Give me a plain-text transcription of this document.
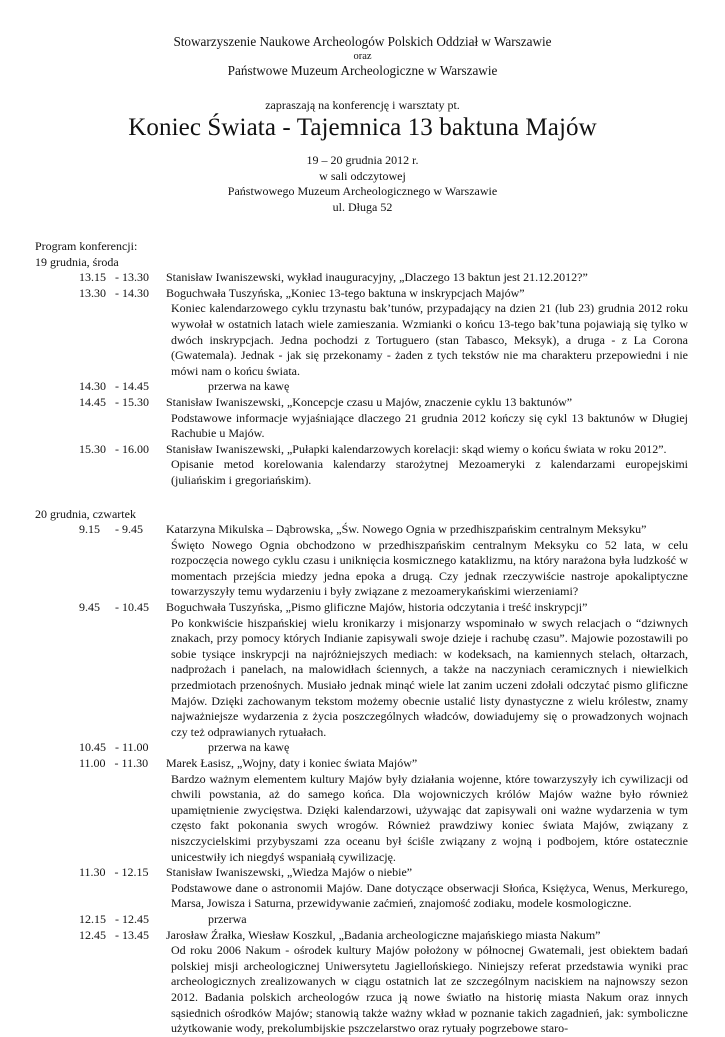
Stowarzyszenie Naukowe Archeologów Polskich Oddział w Warszawie
oraz
Państwowe Muzeum Archeologiczne w Warszawie
zapraszają na konferencję i warsztaty pt.
Koniec Świata - Tajemnica 13 baktuna Majów
19 – 20 grudnia 2012 r.
w sali odczytowej
Państwowego Muzeum Archeologicznego w Warszawie
ul. Długa 52
Program konferencji:
19 grudnia, środa
13.15   - 13.30	Stanisław Iwaniszewski, wykład inauguracyjny, „Dlaczego 13 baktun jest 21.12.2012?”
13.30   - 14.30	Boguchwała Tuszyńska, „Koniec 13-tego baktuna w inskrypcjach Majów”
Koniec kalendarzowego cyklu trzynastu bak’tunów, przypadający na dzien 21 (lub 23) grudnia 2012 roku wywołał w ostatnich latach wiele zamieszania. Wzmianki o końcu 13-tego bak’tuna pojawiają się tylko w dwóch inskrypcjach. Jedna pochodzi z Tortuguero (stan Tabasco, Meksyk), a druga - z La Corona (Gwatemala). Jednak - jak się przekonamy - żaden z tych tekstów nie ma charakteru przepowiedni i nie mówi nam o końcu świata.
14.30   - 14.45	przerwa na kawę
14.45   - 15.30	Stanisław Iwaniszewski, „Koncepcje czasu u Majów, znaczenie cyklu 13 baktunów”
Podstawowe informacje wyjaśniające dlaczego 21 grudnia 2012 kończy się cykl 13 baktunów w Długiej Rachubie u Majów.
15.30   - 16.00	Stanisław Iwaniszewski, „Pułapki kalendarzowych korelacji: skąd wiemy o końcu świata w roku 2012”.
Opisanie metod korelowania kalendarzy starożytnej Mezoameryki z kalendarzami europejskimi (juliańskim i gregoriańskim).
20 grudnia, czwartek
9.15     - 9.45	Katarzyna Mikulska – Dąbrowska, „Św. Nowego Ognia w przedhiszpańskim centralnym Meksyku”
Święto Nowego Ognia obchodzono w przedhiszpańskim centralnym Meksyku co 52 lata, w celu rozpoczęcia nowego cyklu czasu i uniknięcia kosmicznego kataklizmu, na który narażona była ludzkość w momentach przejścia miedzy jedna epoka a drugą. Czy jednak rzeczywiście nastroje apokaliptyczne towarzyszyły temu wydarzeniu i były związane z mezoamerykańskimi wierzeniami?
9.45     - 10.45	Boguchwała Tuszyńska, „Pismo glificzne Majów, historia odczytania i treść inskrypcji”
Po konkwiście hiszpańskiej wielu kronikarzy i misjonarzy wspominało w swych relacjach o “dziwnych znakach, przy pomocy których Indianie zapisywali swoje dzieje i rachubę czasu”. Majowie pozostawili po sobie tysiące inskrypcji na najróżniejszych mediach: w kodeksach, na kamiennych stelach, ołtarzach, nadprożach i panelach, na malowidłach ściennych, a także na naczyniach ceramicznych i niewielkich przedmiotach przenośnych. Musiało jednak minąć wiele lat zanim uczeni zdołali odczytać pismo glificzne Majów. Dzięki zachowanym tekstom możemy obecnie ustalić listy dynastyczne z wielu królestw, znamy najważniejsze wydarzenia z życia poszczególnych władców, dowiadujemy się o prowadzonych wojnach czy też odprawianych rytuałach.
10.45   - 11.00	przerwa na kawę
11.00   - 11.30	Marek Łasisz, „Wojny, daty i koniec świata Majów”
Bardzo ważnym elementem kultury Majów były działania wojenne, które towarzyszyły ich cywilizacji od chwili powstania, aż do samego końca. Dla wojowniczych królów Majów ważne było również upamiętnienie zwycięstwa. Dzięki kalendarzowi, używając dat zapisywali oni ważne wydarzenia w tym często fakt pokonania swych wrogów. Również prawdziwy koniec świata Majów, związany z niszczycielskimi przybyszami zza oceanu był ściśle związany z wojną i podbojem, które ostatecznie unicestwiły ich niegdyś wspaniałą cywilizację.
11.30   - 12.15	Stanisław Iwaniszewski, „Wiedza Majów o niebie”
Podstawowe dane o astronomii Majów. Dane dotyczące obserwacji Słońca, Księżyca, Wenus, Merkurego, Marsa, Jowisza i Saturna, przewidywanie zaćmień, znajomość zodiaku, modele kosmologiczne.
12.15   - 12.45	przerwa
12.45   - 13.45	Jarosław Źrałka, Wiesław Koszkul, „Badania archeologiczne majańskiego miasta Nakum”
Od roku 2006 Nakum - ośrodek kultury Majów położony w północnej Gwatemali, jest obiektem badań polskiej misji archeologicznej Uniwersytetu Jagiellońskiego. Niniejszy referat przedstawia wyniki prac archeologicznych zrealizowanych w ciągu ostatnich lat ze szczególnym naciskiem na najnowszy sezon 2012. Badania polskich archeologów rzuca ją nowe światło na historię miasta Nakum oraz innych sąsiednich ośrodków Majów; stanowią także ważny wkład w poznanie takich zagadnień, jak: symboliczne użytkowanie wody, prekolumbijskie pszczelarstwo oraz rytuały pogrzebowe staro-
